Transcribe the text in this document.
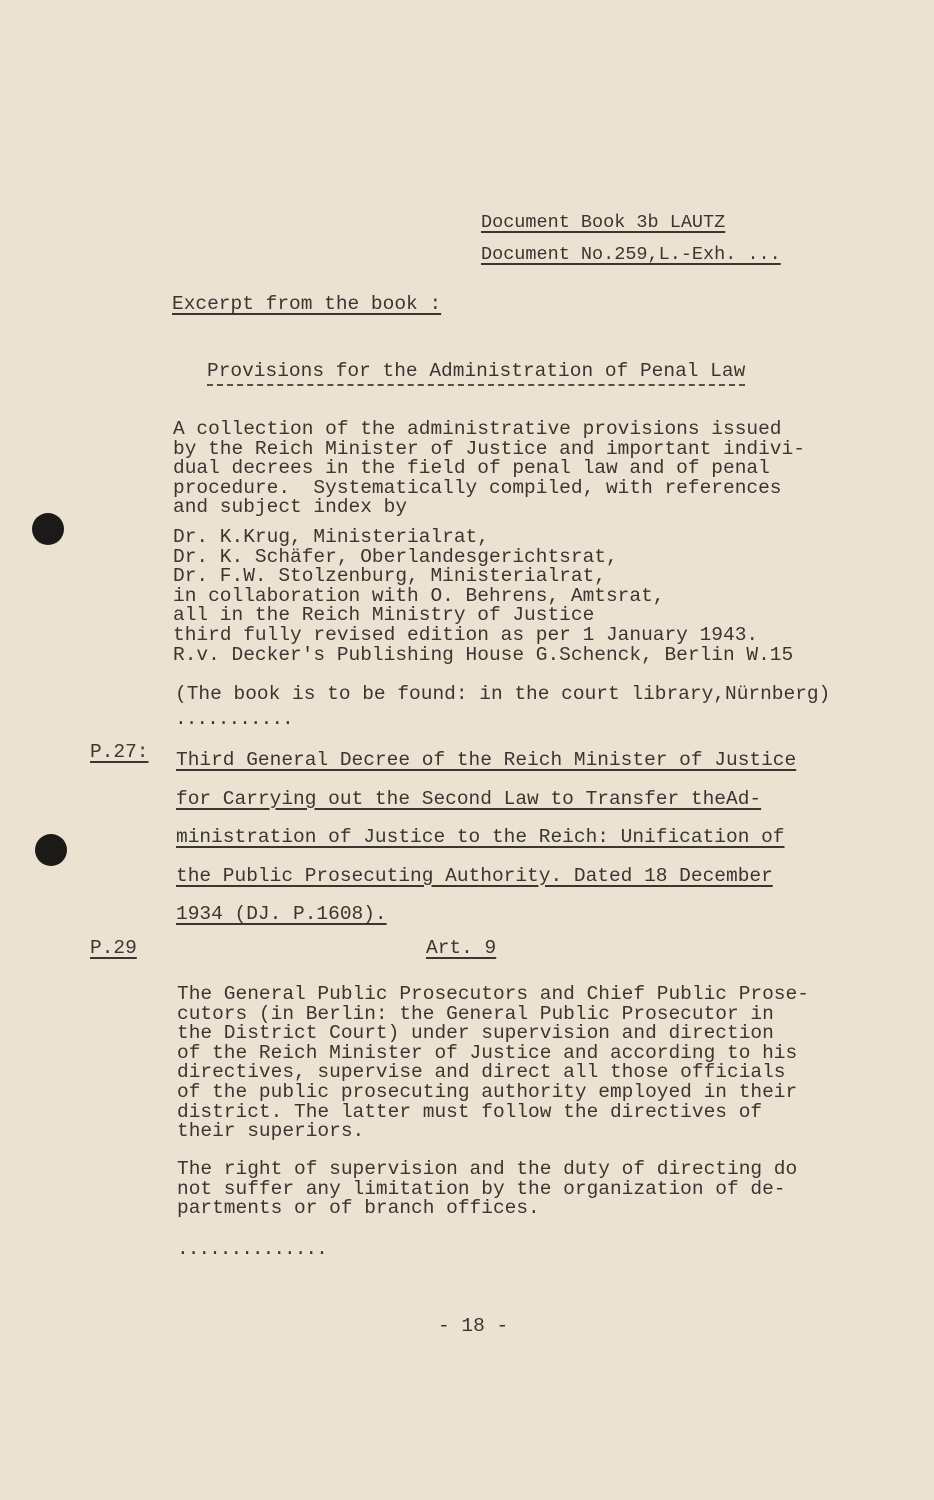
Document Book 3b LAUTZ
Document No.259,L.-Exh. ...
Excerpt from the book :
Provisions for the Administration of Penal Law
A collection of the administrative provisions issued
by the Reich Minister of Justice and important indivi-
dual decrees in the field of penal law and of penal
procedure.  Systematically compiled, with references
and subject index by
Dr. K.Krug, Ministerialrat,
Dr. K. Schäfer, Oberlandesgerichtsrat,
Dr. F.W. Stolzenburg, Ministerialrat,
in collaboration with O. Behrens, Amtsrat,
all in the Reich Ministry of Justice
third fully revised edition as per 1 January 1943.
R.v. Decker's Publishing House G.Schenck, Berlin W.15
(The book is to be found: in the court library,Nürnberg)
...........
P.27: Third General Decree of the Reich Minister of Justice
for Carrying out the Second Law to Transfer theAd-
ministration of Justice to the Reich: Unification of
the Public Prosecuting Authority. Dated 18 December
1934 (DJ. P.1608).
P.29	Art. 9
The General Public Prosecutors and Chief Public Prose-
cutors (in Berlin: the General Public Prosecutor in
the District Court) under supervision and direction
of the Reich Minister of Justice and according to his
directives, supervise and direct all those officials
of the public prosecuting authority employed in their
district. The latter must follow the directives of
their superiors.
The right of supervision and the duty of directing do
not suffer any limitation by the organization of de-
partments or of branch offices.
..............
- 18 -
